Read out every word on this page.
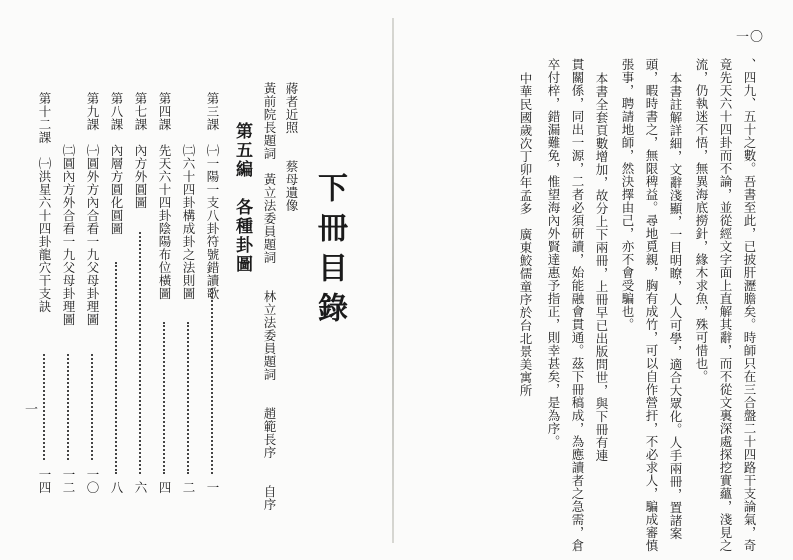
一〇
、四九、五十之數。吾書至此，已披肝瀝膽矣。時師只在三合盤二十四路干支論氣，奇
竟先天六十四卦而不論，並從經文字面上直解其辭，而不從文裏深處探挖實蘊，淺見之
流，仍執迷不悟，無異海底撈針，緣木求魚，殊可惜也。
本書註解詳細，文辭淺顯，一目明瞭，人人可學，適合大眾化。人手兩冊，置諸案
頭，暇時書之，無限稗益。尋地覓親，胸有成竹，可以自作營扞，不必求人，騙成審慎
張事，聘請地師，然決擇由己，亦不會受騙也。
本書全套頁數增加，故分上下兩冊，上冊早已出版問世，與下冊有連
貫關係，同出一源，二者必須研讀，始能融會貫通。茲下冊稿成，為應讀者之急需，倉
卒付梓，錯漏難免，惟望海內外賢達惠予指正，則幸甚矣，是為序。
中華民國歲次丁卯年孟多　廣東鮫儒童序於台北景美寓所
下冊目錄
蔣者近照　　蔡母遺像
黃前院長題詞　黃立法委員題詞　　林立法委員題詞　　趙範長序　　自序
第五編　各種卦圖
第三課　㈠一陽一支八卦符號錯讀歌
一
　　　　㈡六十四卦構成卦之法則圖
二
第四課　先天六十四卦陰陽布位橫圖
四
第七課　內方外圓圖
六
第八課　內層方圓化圓圖
八
第九課　㈠圓外方內合看一九父母卦理圖
一〇
　　　　㈡圓內方外合看一九父母卦理圖
一二
第十二課　㈠洪星六十四卦龍穴干支訣
一四
一
